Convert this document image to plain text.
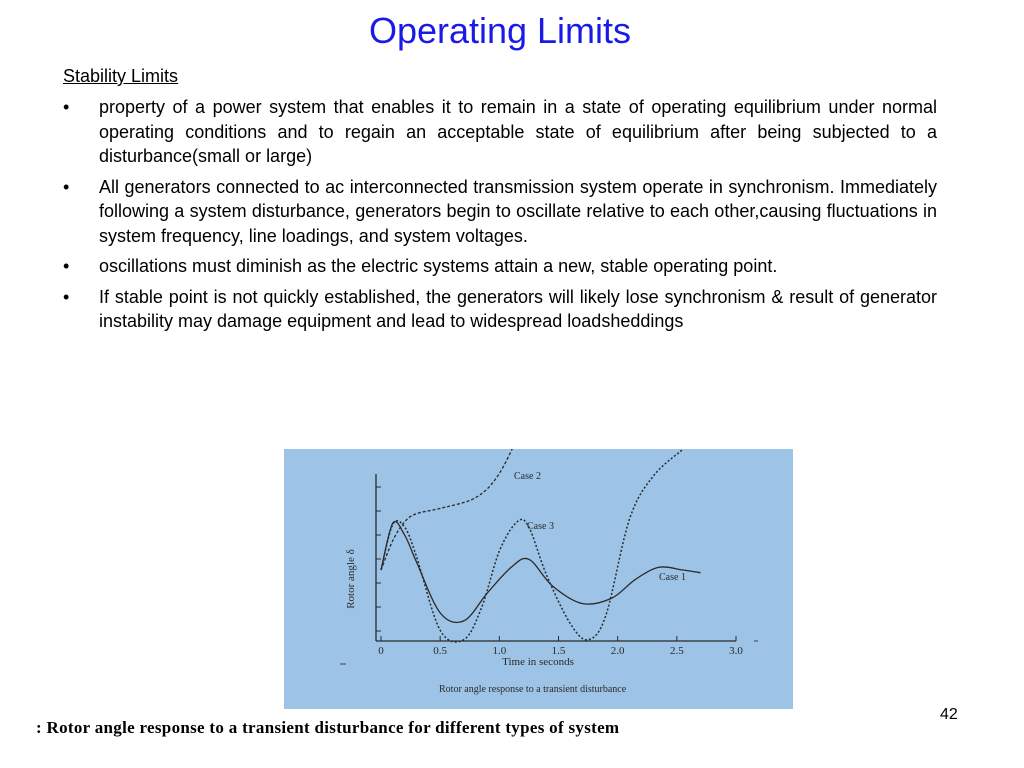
Operating Limits
Stability Limits
• property of a power system that enables it to remain in a state of operating equilibrium under normal operating conditions and to regain an acceptable state of equilibrium after being subjected to a disturbance(small or large)
• All generators connected to ac interconnected transmission system operate in synchronism. Immediately following a system disturbance, generators begin to oscillate relative to each other,causing fluctuations in system frequency, line loadings, and system voltages.
• oscillations must diminish as the electric systems attain a new, stable operating point.
• If stable point is not quickly established, the generators will likely lose synchronism & result of generator instability may damage equipment and lead to widespread loadsheddings
0	0.5	1.0	1.5	2.0	2.5	3.0
Rotor angle δ
Time in seconds
Case 2
Case 3
Case 1
Rotor angle response to a transient disturbance
: Rotor angle response to a transient disturbance for different types of system
42
